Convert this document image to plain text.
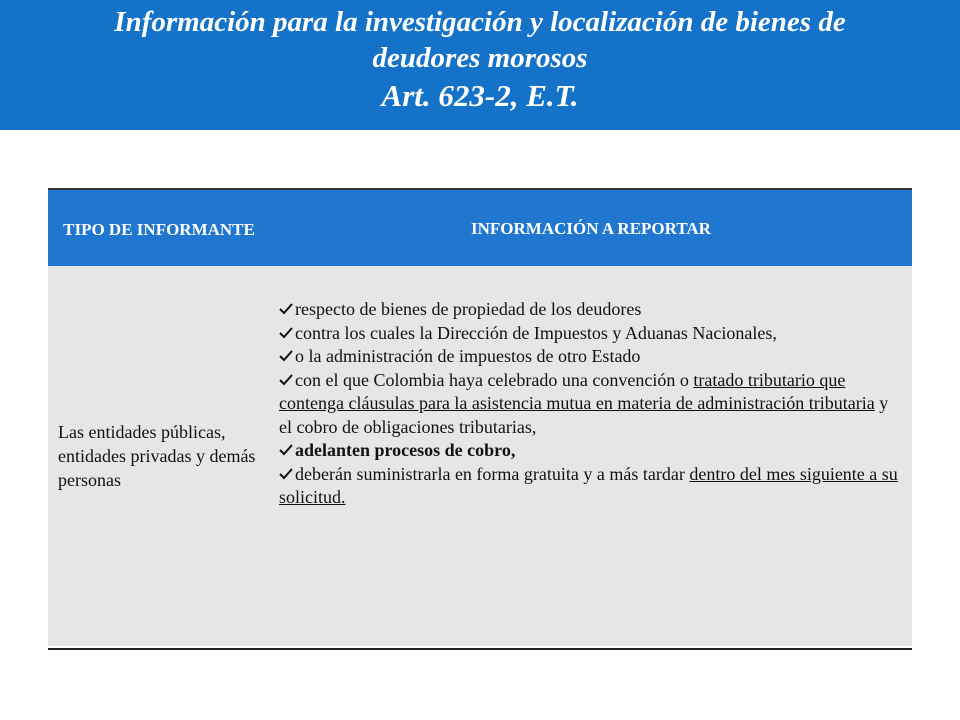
Información para la investigación y localización de bienes de
deudores morosos
Art. 623-2, E.T.
TIPO DE INFORMANTE	INFORMACIÓN A REPORTAR
Las entidades públicas, entidades privadas y demás personas
respecto de bienes de propiedad de los deudores
contra los cuales la Dirección de Impuestos y Aduanas Nacionales,
o la administración de impuestos de otro Estado
con el que Colombia haya celebrado una convención o tratado tributario que contenga cláusulas para la asistencia mutua en materia de administración tributaria y el cobro de obligaciones tributarias,
adelanten procesos de cobro,
deberán suministrarla en forma gratuita y a más tardar dentro del mes siguiente a su solicitud.
